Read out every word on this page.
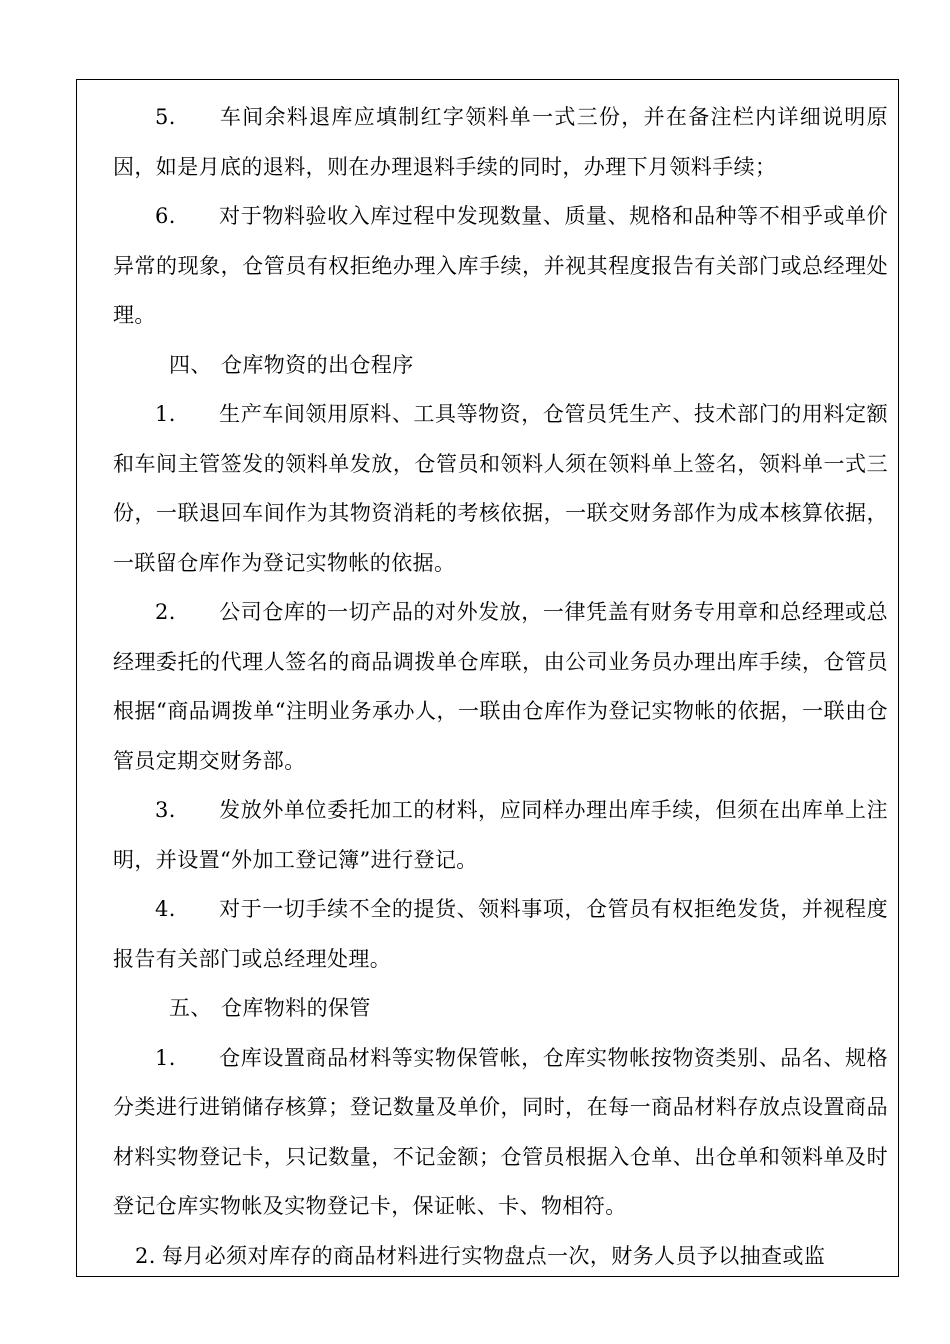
5. 车间余料退库应填制红字领料单一式三份，并在备注栏内详细说明原因，如是月底的退料，则在办理退料手续的同时，办理下月领料手续；

6. 对于物料验收入库过程中发现数量、质量、规格和品种等不相乎或单价异常的现象，仓管员有权拒绝办理入库手续，并视其程度报告有关部门或总经理处理。

四、 仓库物资的出仓程序

1. 生产车间领用原料、工具等物资，仓管员凭生产、技术部门的用料定额和车间主管签发的领料单发放，仓管员和领料人须在领料单上签名，领料单一式三份，一联退回车间作为其物资消耗的考核依据，一联交财务部作为成本核算依据，一联留仓库作为登记实物帐的依据。

2. 公司仓库的一切产品的对外发放，一律凭盖有财务专用章和总经理或总经理委托的代理人签名的商品调拨单仓库联，由公司业务员办理出库手续，仓管员根据“商品调拨单“注明业务承办人，一联由仓库作为登记实物帐的依据，一联由仓管员定期交财务部。

3. 发放外单位委托加工的材料，应同样办理出库手续，但须在出库单上注明，并设置“外加工登记簿”进行登记。

4. 对于一切手续不全的提货、领料事项，仓管员有权拒绝发货，并视程度报告有关部门或总经理处理。

五、 仓库物料的保管

1. 仓库设置商品材料等实物保管帐，仓库实物帐按物资类别、品名、规格分类进行进销储存核算；登记数量及单价，同时，在每一商品材料存放点设置商品材料实物登记卡，只记数量，不记金额；仓管员根据入仓单、出仓单和领料单及时登记仓库实物帐及实物登记卡，保证帐、卡、物相符。

2. 每月必须对库存的商品材料进行实物盘点一次，财务人员予以抽查或监
